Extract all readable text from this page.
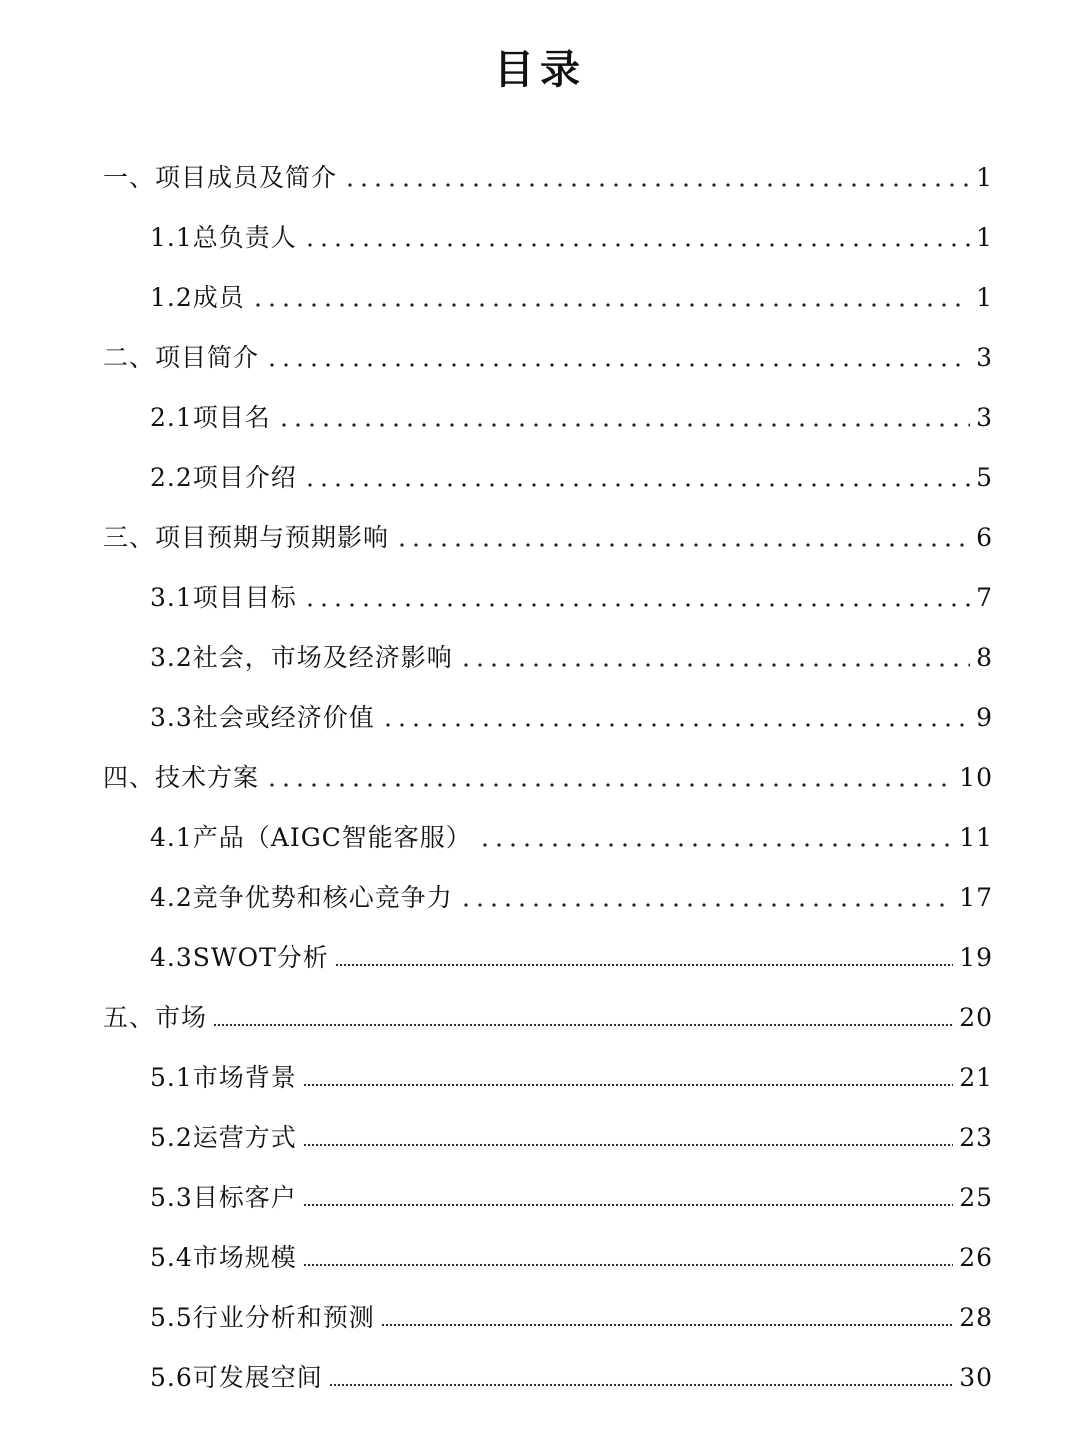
目录
一、项目成员及简介	1
1.1总负责人	1
1.2成员	1
二、项目简介	3
2.1项目名	3
2.2项目介绍	5
三、项目预期与预期影响	6
3.1项目目标	7
3.2社会，市场及经济影响	8
3.3社会或经济价值	9
四、技术方案	10
4.1产品（AIGC智能客服）	11
4.2竞争优势和核心竞争力	17
4.3SWOT分析	19
五、市场	20
5.1市场背景	21
5.2运营方式	23
5.3目标客户	25
5.4市场规模	26
5.5行业分析和预测	28
5.6可发展空间	30
